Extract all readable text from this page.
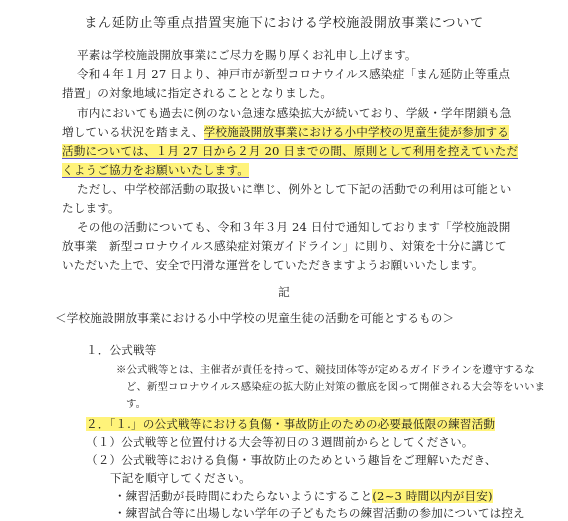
まん延防止等重点措置実施下における学校施設開放事業について
平素は学校施設開放事業にご尽力を賜り厚くお礼申し上げます。
令和４年１月 27 日より、神戸市が新型コロナウイルス感染症「まん延防止等重点
措置」の対象地域に指定されることとなりました。
市内においても過去に例のない急速な感染拡大が続いており、学級・学年閉鎖も急
増している状況を踏まえ、学校施設開放事業における小中学校の児童生徒が参加する
活動については、１月 27 日から２月 20 日までの間、原則として利用を控えていただ
くようご協力をお願いいたします。
ただし、中学校部活動の取扱いに準じ、例外として下記の活動での利用は可能とい
たします。
その他の活動についても、令和３年３月 24 日付で通知しております「学校施設開
放事業　新型コロナウイルス感染症対策ガイドライン」に則り、対策を十分に講じて
いただいた上で、安全で円滑な運営をしていただきますようお願いいたします。
記
＜学校施設開放事業における小中学校の児童生徒の活動を可能とするもの＞
１．公式戦等
※公式戦等とは、主催者が責任を持って、競技団体等が定めるガイドラインを遵守するな
ど、新型コロナウイルス感染症の拡大防止対策の徹底を図って開催される大会等をいいま
す。
２．「１.」の公式戦等における負傷・事故防止のための必要最低限の練習活動
（１）公式戦等と位置付ける大会等初日の３週間前からとしてください。
（２）公式戦等における負傷・事故防止のためという趣旨をご理解いただき、
下記を順守してください。
・練習活動が長時間にわたらないようにすること(2~3 時間以内が目安)
・練習試合等に出場しない学年の子どもたちの練習活動の参加については控え
